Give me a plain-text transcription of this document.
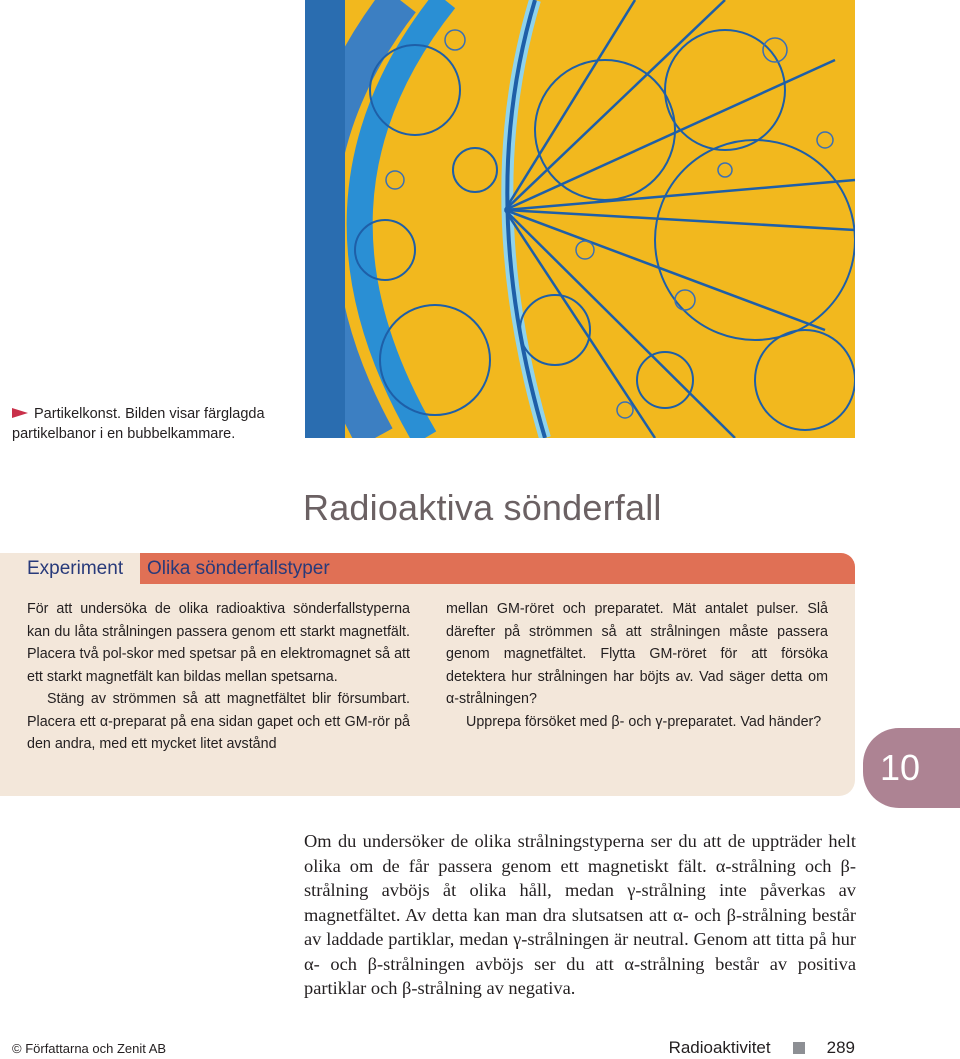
Partikelkonst. Bilden visar färglagda partikelbanor i en bubbelkammare.
Radioaktiva sönderfall
Experiment Olika sönderfallstyper

För att undersöka de olika radioaktiva sönderfallstyperna kan du låta strålningen passera genom ett starkt magnetfält. Placera två pol-skor med spetsar på en elektromagnet så att ett starkt magnetfält kan bildas mellan spetsarna.

Stäng av strömmen så att magnetfältet blir försumbart. Placera ett α-preparat på ena sidan gapet och ett GM-rör på den andra, med ett mycket litet avstånd

mellan GM-röret och preparatet. Mät antalet pulser. Slå därefter på strömmen så att strålningen måste passera genom magnetfältet. Flytta GM-röret för att försöka detektera hur strålningen har böjts av. Vad säger detta om α-strålningen?

Upprepa försöket med β- och γ-preparatet. Vad händer?

10

Om du undersöker de olika strålningstyperna ser du att de uppträder helt olika om de får passera genom ett magnetiskt fält. α-strålning och β-strålning avböjs åt olika håll, medan γ-strålning inte påverkas av magnetfältet. Av detta kan man dra slutsatsen att α- och β-strålning består av laddade partiklar, medan γ-strålningen är neutral. Genom att titta på hur α- och β-strålningen avböjs ser du att α-strålning består av positiva partiklar och β-strålning av negativa.

© Författarna och Zenit AB	Radioaktivitet	289
